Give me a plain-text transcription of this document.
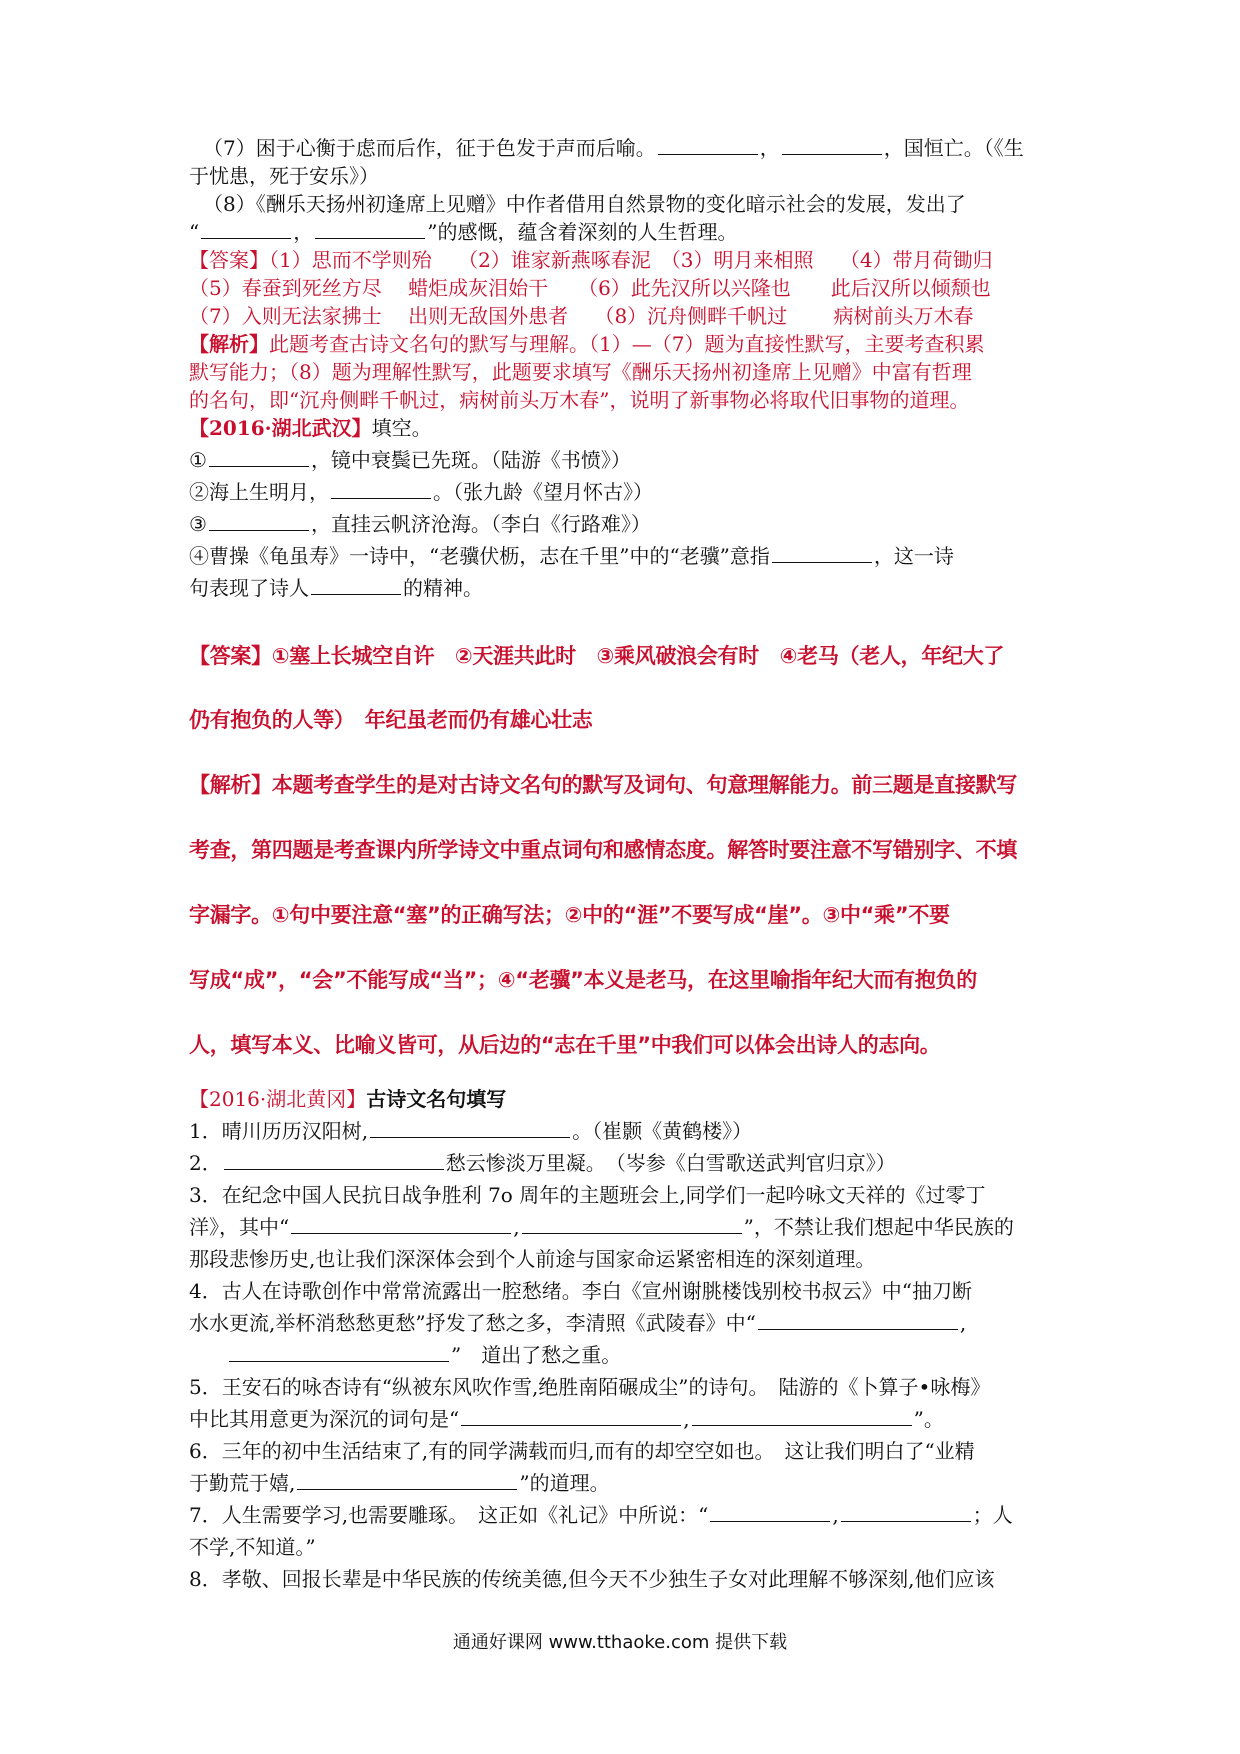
（7）困于心衡于虑而后作，征于色发于声而后喻。	，	，国恒亡。（《生
于忧患，死于安乐》）
（8）《酬乐天扬州初逢席上见赠》中作者借用自然景物的变化暗示社会的发展，发出了
“	，	”的感慨，蕴含着深刻的人生哲理。
【答案】（1）思而不学则殆　 （2）谁家新燕啄春泥　（3）明月来相照　 （4）带月荷锄归
（5）春蚕到死丝方尽　 蜡炬成灰泪始干　　（6）此先汉所以兴隆也　　此后汉所以倾颓也
（7）入则无法家拂士　 出则无敌国外患者　 （8）沉舟侧畔千帆过　　 病树前头万木春
【解析】此题考查古诗文名句的默写与理解。（1）—（7）题为直接性默写，主要考查积累
默写能力；（8）题为理解性默写，此题要求填写《酬乐天扬州初逢席上见赠》中富有哲理
的名句，即“沉舟侧畔千帆过，病树前头万木春”，说明了新事物必将取代旧事物的道理。
【2016·湖北武汉】填空。
①	，镜中衰鬓已先斑。（陆游《书愤》）
②海上生明月，	。（张九龄《望月怀古》）
③	，直挂云帆济沧海。（李白《行路难》）
④曹操《龟虽寿》一诗中，“老骥伏枥，志在千里”中的“老骥”意指	，这一诗
句表现了诗人	的精神。
【答案】①塞上长城空自许　②天涯共此时　③乘风破浪会有时　④老马（老人，年纪大了
仍有抱负的人等）　年纪虽老而仍有雄心壮志
【解析】本题考查学生的是对古诗文名句的默写及词句、句意理解能力。前三题是直接默写
考查，第四题是考查课内所学诗文中重点词句和感情态度。解答时要注意不写错别字、不填
字漏字。①句中要注意“塞”的正确写法；②中的“涯”不要写成“崖”。③中“乘”不要
写成“成”，“会”不能写成“当”；④“老骥”本义是老马，在这里喻指年纪大而有抱负的
人，填写本义、比喻义皆可，从后边的“志在千里”中我们可以体会出诗人的志向。
【2016·湖北黄冈】古诗文名句填写
1．晴川历历汉阳树,	。（崔颢《黄鹤楼》）
2．	愁云惨淡万里凝。　（岑参《白雪歌送武判官归京》）
3．在纪念中国人民抗日战争胜利 7o 周年的主题班会上,同学们一起吟咏文天祥的《过零丁
洋》，其中“	,	”，不禁让我们想起中华民族的
那段悲惨历史,也让我们深深体会到个人前途与国家命运紧密相连的深刻道理。
4．古人在诗歌创作中常常流露出一腔愁绪。李白《宣州谢朓楼饯别校书叔云》中“抽刀断
水水更流,举杯消愁愁更愁”抒发了愁之多，李清照《武陵春》中“	,
”　道出了愁之重。
5．王安石的咏杏诗有“纵被东风吹作雪,绝胜南陌碾成尘”的诗句。　陆游的《卜算子•咏梅》
中比其用意更为深沉的词句是“	,	”。
6．三年的初中生活结束了,有的同学满载而归,而有的却空空如也。　这让我们明白了“业精
于勤荒于嬉,	”的道理。
7．人生需要学习,也需要雕琢。　这正如《礼记》中所说：“	,	；人
不学,不知道。”
8．孝敬、回报长辈是中华民族的传统美德,但今天不少独生子女对此理解不够深刻,他们应该
通通好课网 www.tthaoke.com 提供下载
